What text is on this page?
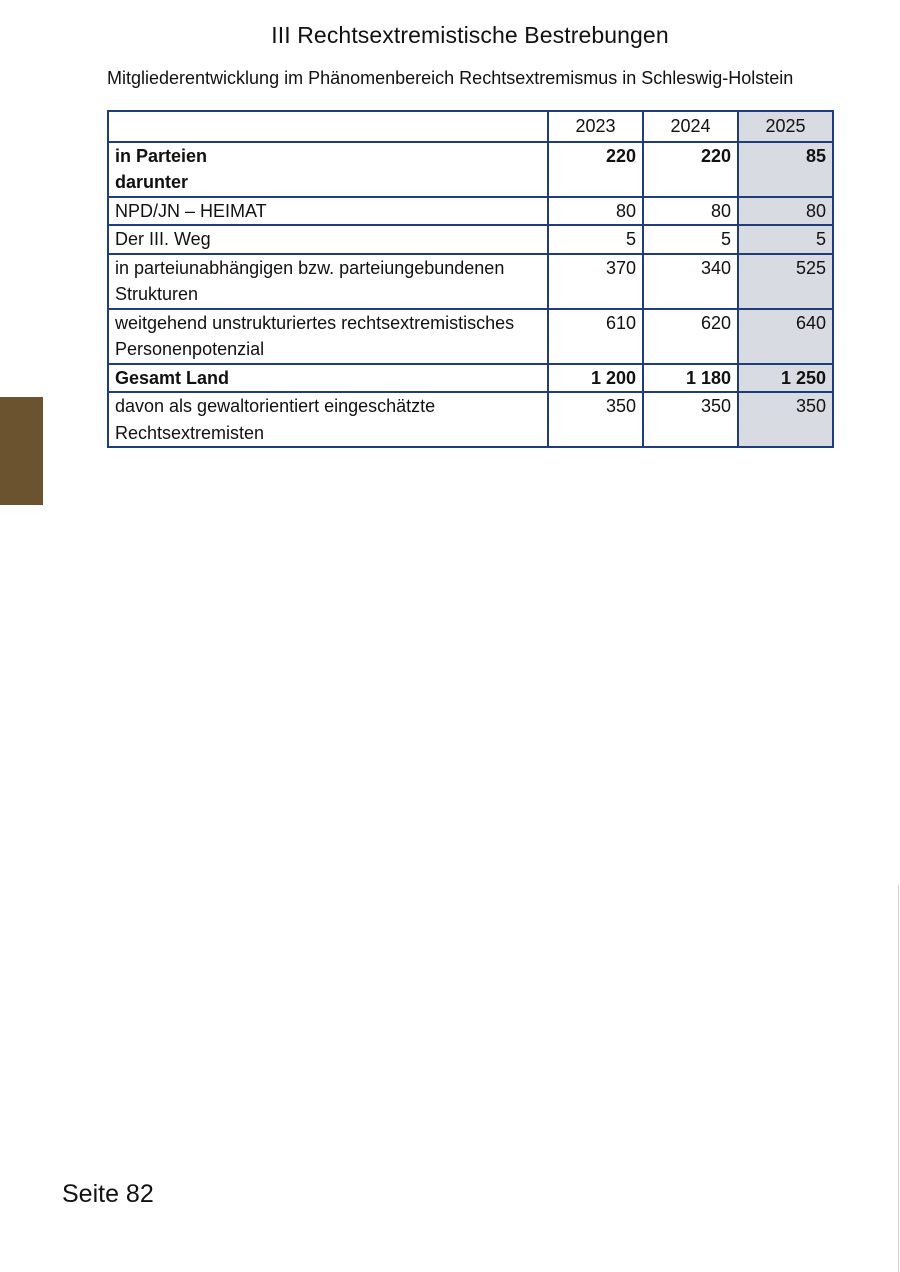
III Rechtsextremistische Bestrebungen

Mitgliederentwicklung im Phänomenbereich Rechtsextremismus in Schleswig-Holstein

	2023	2024	2025

in Parteien
darunter	220	220	85
NPD/JN – HEIMAT	80	80	80
Der III. Weg	5	5	5
in parteiunabhängigen bzw. parteiungebundenen Strukturen	370	340	525
weitgehend unstrukturiertes rechtsextremistisches Personenpotenzial	610	620	640
Gesamt Land	1 200	1 180	1 250
davon als gewaltorientiert eingeschätzte Rechtsextremisten	350	350	350

Seite 82
